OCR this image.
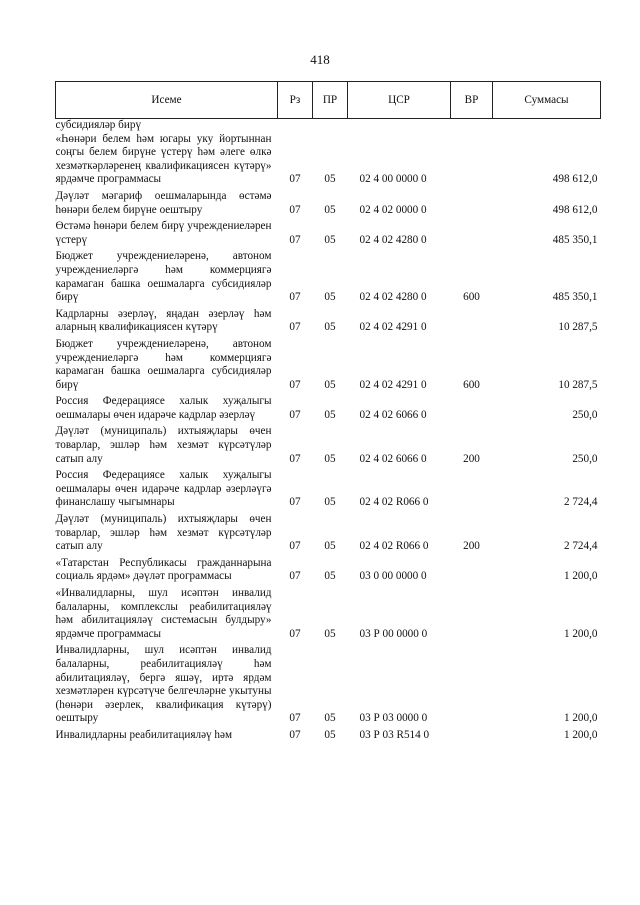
418
Исеме	Рз	ПР	ЦСР	ВР	Суммасы
субсидияләр бирү					
«Һөнәри белем һәм югары уку йортыннан соңгы белем бирүне үстерү һәм әлеге өлкә хезмәткәрләренең квалификациясен күтәрү» ярдәмче программасы	07	05	02 4 00 0000 0		498 612,0
Дәүләт мәгариф оешмаларында өстәмә һөнәри белем бирүне оештыру	07	05	02 4 02 0000 0		498 612,0
Өстәмә һөнәри белем бирү учреждениеләрен үстерү	07	05	02 4 02 4280 0		485 350,1
Бюджет учреждениеләренә, автоном учреждениеләргә һәм коммерциягә карамаган башка оешмаларга субсидияләр бирү	07	05	02 4 02 4280 0	600	485 350,1
Кадрларны әзерләү, яңадан әзерләү һәм аларның квалификациясен күтәрү	07	05	02 4 02 4291 0		10 287,5
Бюджет учреждениеләренә, автоном учреждениеләргә һәм коммерциягә карамаган башка оешмаларга субсидияләр бирү	07	05	02 4 02 4291 0	600	10 287,5
Россия Федерациясе халык хуҗалыгы оешмалары өчен идарәче кадрлар әзерләү	07	05	02 4 02 6066 0		250,0
Дәүләт (муниципаль) ихтыяҗлары өчен товарлар, эшләр һәм хезмәт күрсәтүләр сатып алу	07	05	02 4 02 6066 0	200	250,0
Россия Федерациясе халык хуҗалыгы оешмалары өчен идарәче кадрлар әзерләүгә финанслашу чыгымнары	07	05	02 4 02 R066 0		2 724,4
Дәүләт (муниципаль) ихтыяҗлары өчен товарлар, эшләр һәм хезмәт күрсәтүләр сатып алу	07	05	02 4 02 R066 0	200	2 724,4
«Татарстан Республикасы гражданнарына социаль ярдәм» дәүләт программасы	07	05	03 0 00 0000 0		1 200,0
«Инвалидларны, шул исәптән инвалид балаларны, комплекслы реабилитацияләү һәм абилитацияләү системасын булдыру» ярдәмче программасы	07	05	03 Р 00 0000 0		1 200,0
Инвалидларны, шул исәптән инвалид балаларны, реабилитацияләү һәм абилитацияләү, бергә яшәү, иртә ярдәм хезмәтләрен күрсәтүче белгечләрне укытуны (һөнәри әзерлек, квалификация күтәрү) оештыру	07	05	03 Р 03 0000 0		1 200,0
Инвалидларны реабилитацияләү һәм	07	05	03 Р 03 R514 0		1 200,0
